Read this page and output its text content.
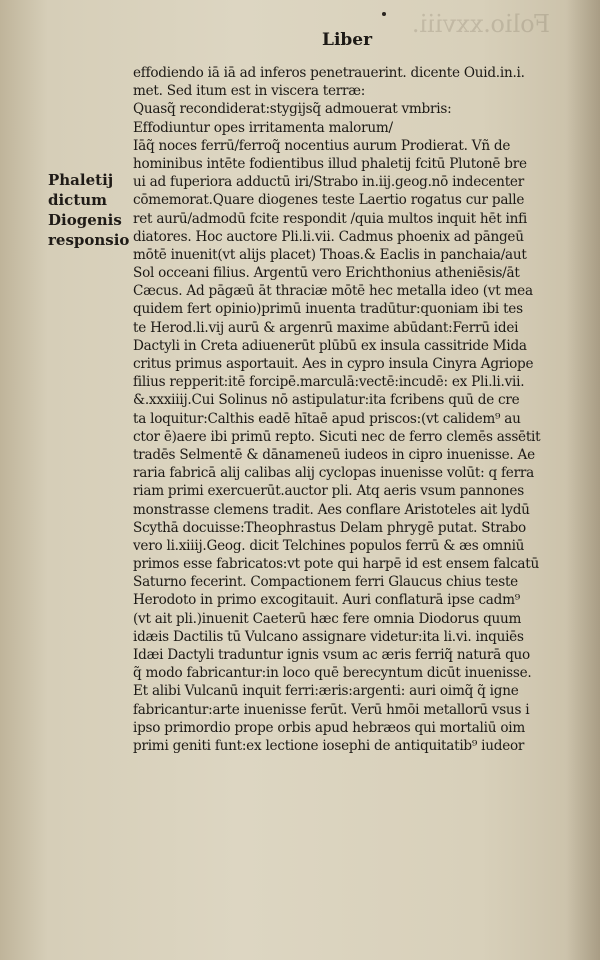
Folio.xxviii.
Liber
Phaletij
dictum
Diogenis
responsio
effodiendo iā iā ad inferos penetrauerint. dicente Ouid.in.i.
met. Sed itum est in viscera terræ:
Quasq̃ recondiderat:stygijsq̃ admouerat vmbris:
Effodiuntur opes irritamenta malorum/
Iāq̃ noces ferrū/ferroq̃ nocentius aurum Prodierat. Vñ de
hominibus intēte fodientibus illud phaletij fcitū Plutonē bre
ui ad fuperiora adductū iri/Strabo in.iij.geog.nō indecenter
cōmemorat.Quare diogenes teste Laertio rogatus cur palle
ret aurū/admodū fcite respondit /quia multos inquit hēt infi
diatores. Hoc auctore Pli.li.vii. Cadmus phoenix ad pāngeū
mōtē inuenit(vt alijs placet) Thoas.& Eaclis in panchaia/aut
Sol occeani filius. Argentū vero Erichthonius atheniēsis/āt
Cæcus. Ad pāgæū āt thraciæ mōtē hec metalla ideo (vt mea
quidem fert opinio)primū inuenta tradūtur:quoniam ibi tes
te Herod.li.vij aurū & argenrū maxime abūdant:Ferrū idei
Dactyli in Creta adiuenerūt plūbū ex insula cassitride Mida
critus primus asportauit. Aes in cypro insula Cinyra Agriope
filius repperit:itē forcipē.marculā:vectē:incudē: ex Pli.li.vii.
&.xxxiiij.Cui Solinus nō astipulatur:ita fcribens quū de cre
ta loquitur:Calthis eadē hītaē apud priscos:(vt calidem⁹ au
ctor ē)aere ibi primū repto. Sicuti nec de ferro clemēs assētit
tradēs Selmentē & dānameneū iudeos in cipro inuenisse. Ae
raria fabricā alij calibas alij cyclopas inuenisse volūt: q ferra
riam primi exercuerūt.auctor pli. Atq aeris vsum pannones
monstrasse clemens tradit. Aes conflare Aristoteles ait lydū
Scythā docuisse:Theophrastus Delam phrygē putat. Strabo
vero li.xiiij.Geog. dicit Telchines populos ferrū & æs omniū
primos esse fabricatos:vt pote qui harpē id est ensem falcatū
Saturno fecerint. Compactionem ferri Glaucus chius teste
Herodoto in primo excogitauit. Auri conflaturā ipse cadm⁹
(vt ait pli.)inuenit Caeterū hæc fere omnia Diodorus quum
idæis Dactilis tū Vulcano assignare videtur:ita li.vi. inquiēs
Idæi Dactyli traduntur ignis vsum ac æris ferriq̃ naturā quo
q̃ modo fabricantur:in loco quē berecyntum dicūt inuenisse.
Et alibi Vulcanū inquit ferri:æris:argenti: auri oimq̃ q̃ igne
fabricantur:arte inuenisse ferūt. Verū hmōi metallorū vsus i
ipso primordio prope orbis apud hebræos qui mortaliū oim
primi geniti funt:ex lectione iosephi de antiquitatib⁹ iudeor
